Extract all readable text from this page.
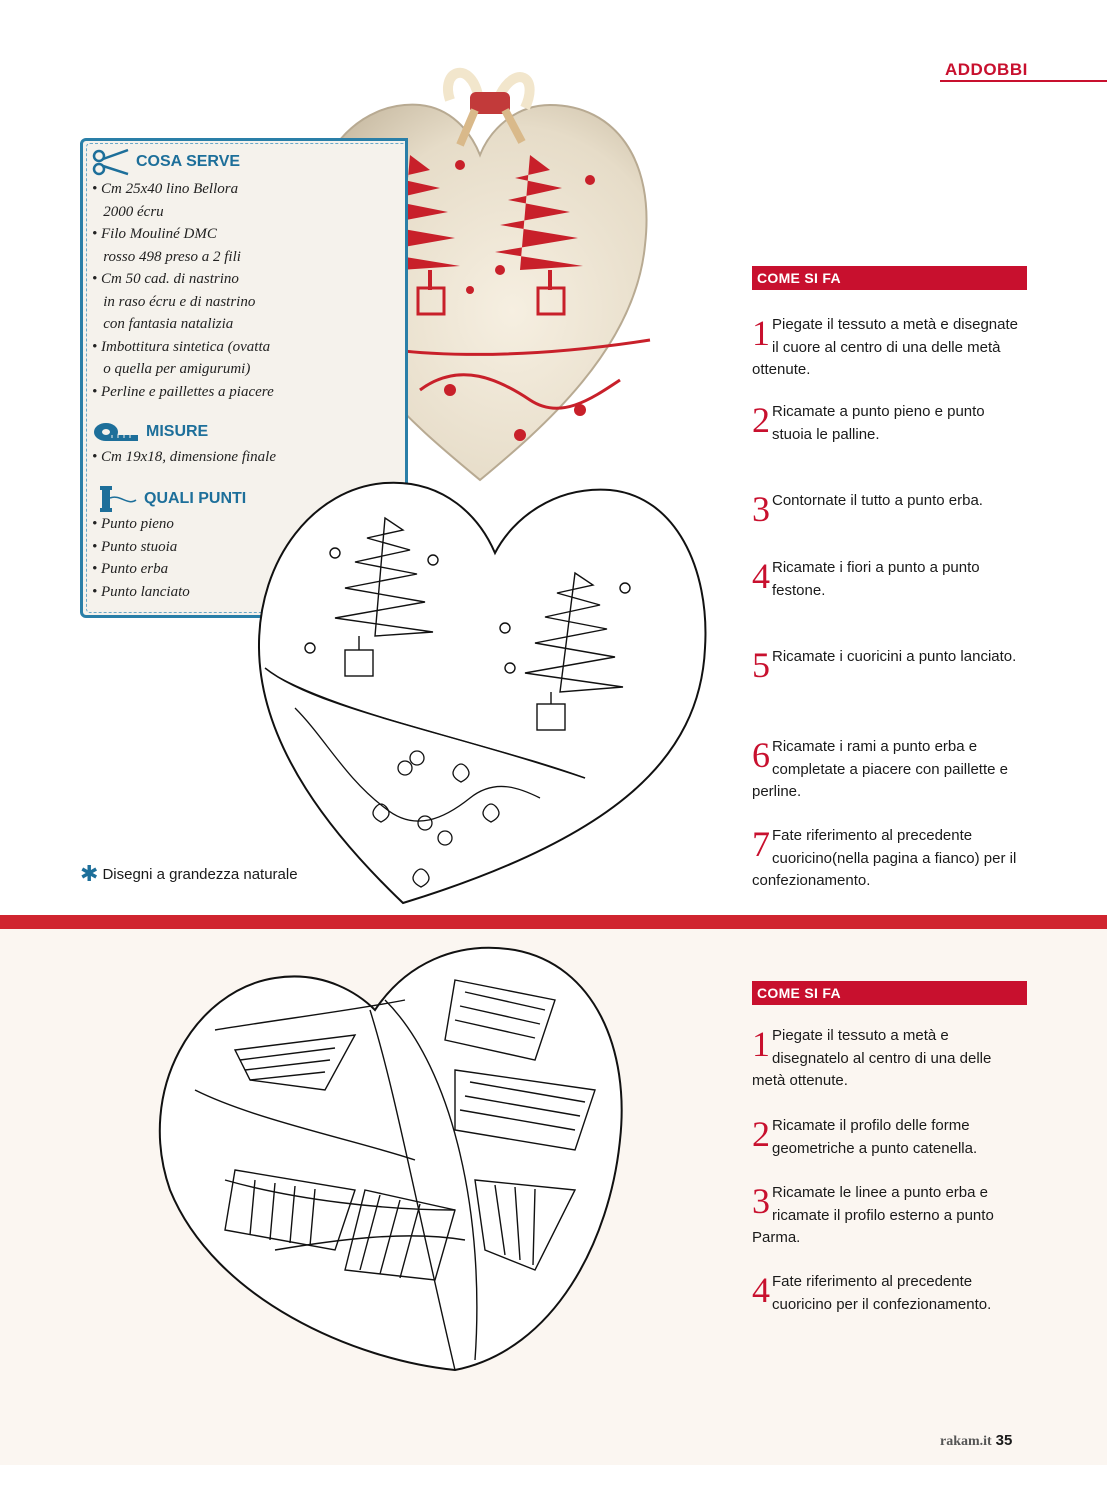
ADDOBBI
COSA SERVE
• Cm 25x40 lino Bellora
2000 écru
• Filo Mouliné DMC
rosso 498 preso a 2 fili
• Cm 50 cad. di nastrino
in raso écru e di nastrino
con fantasia natalizia
• Imbottitura sintetica (ovatta
o quella per amigurumi)
• Perline e paillettes a piacere
MISURE
• Cm 19x18, dimensione finale
QUALI PUNTI
• Punto pieno
• Punto stuoia
• Punto erba
• Punto lanciato
✱ Disegni a grandezza naturale
COME SI FA
1 Piegate il tessuto a metà e disegnate il cuore al centro di una delle metà ottenute.
2 Ricamate a punto pieno e punto stuoia le palline.
3 Contornate il tutto a punto erba.
4 Ricamate i fiori a punto a punto festone.
5 Ricamate i cuoricini a punto lanciato.
6 Ricamate i rami a punto erba e completate a piacere con paillette e perline.
7 Fate riferimento al precedente cuoricino(nella pagina a fianco) per il confezionamento.
COME SI FA
1 Piegate il tessuto a metà e disegnatelo al centro di una delle metà ottenute.
2 Ricamate il profilo delle forme geometriche a punto catenella.
3 Ricamate le linee a punto erba e ricamate il profilo esterno a punto Parma.
4 Fate riferimento al precedente cuoricino per il confezionamento.
rakam.it 35
